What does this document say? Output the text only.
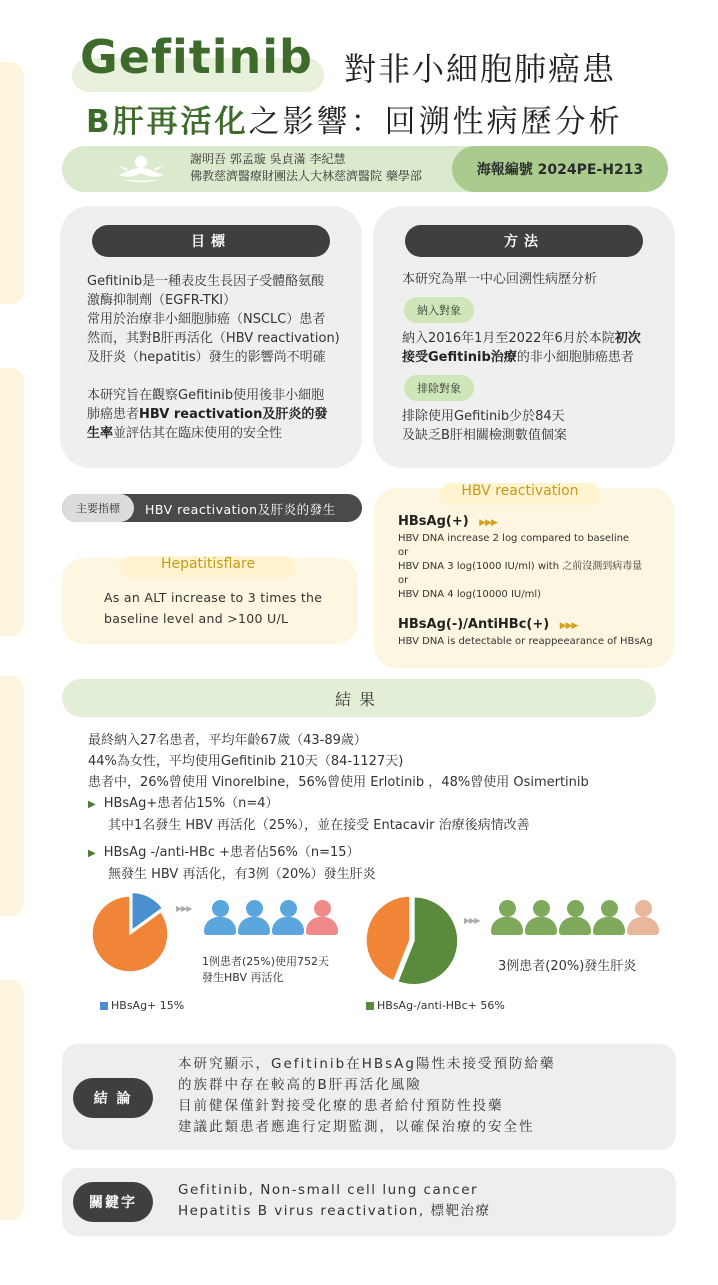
Gefitinib 對非小細胞肺癌患
B肝再活化之影響：回溯性病歷分析
海報編號 2024PE-H213
謝明吾 郭孟璇 吳貞滿 李紀慧
佛教慈濟醫療財團法人大林慈濟醫院 藥學部
目標
Gefitinib是一種表皮生長因子受體酪氨酸
激酶抑制劑（EGFR-TKI）
常用於治療非小細胞肺癌（NSCLC）患者
然而，其對B肝再活化（HBV reactivation)
及肝炎（hepatitis）發生的影響尚不明確
本研究旨在觀察Gefitinib使用後非小細胞
肺癌患者HBV reactivation及肝炎的發
生率並評估其在臨床使用的安全性
方法
本研究為單一中心回溯性病歷分析
納入對象
納入2016年1月至2022年6月於本院初次
接受Gefitinib治療的非小細胞肺癌患者
排除對象
排除使用Gefitinib少於84天
及缺乏B肝相關檢測數值個案
主要指標	HBV reactivation及肝炎的發生
Hepatitisflare
As an ALT increase to 3 times the
baseline level and >100 U/L
HBV reactivation
HBsAg(+) ▶▶▶
HBV DNA increase 2 log compared to baseline
or
HBV DNA 3 log(1000 IU/ml) with 之前沒測到病毒量
or
HBV DNA 4 log(10000 IU/ml)
HBsAg(-)/AntiHBc(+) ▶▶▶
HBV DNA is detectable or reappeearance of HBsAg
結果
最終納入27名患者，平均年齡67歲（43-89歲）
44%為女性，平均使用Gefitinib 210天（84-1127天)
患者中，26%曾使用 Vinorelbine，56%曾使用 Erlotinib ，48%曾使用 Osimertinib
▶ HBsAg+患者佔15%（n=4）
其中1名發生 HBV 再活化（25%），並在接受 Entacavir 治療後病情改善
▶ HBsAg -/anti-HBc +患者佔56%（n=15）
無發生 HBV 再活化，有3例（20%）發生肝炎
▶▶▶
▶▶▶
1例患者(25%)使用752天
發生HBV 再活化
3例患者(20%)發生肝炎
HBsAg+ 15%	HBsAg-/anti-HBc+ 56%
結 論
本研究顯示，Gefitinib在HBsAg陽性未接受預防給藥
的族群中存在較高的B肝再活化風險
目前健保僅針對接受化療的患者給付預防性投藥
建議此類患者應進行定期監測，以確保治療的安全性
關鍵字
Gefitinib, Non-small cell lung cancer
Hepatitis B virus reactivation, 標靶治療
